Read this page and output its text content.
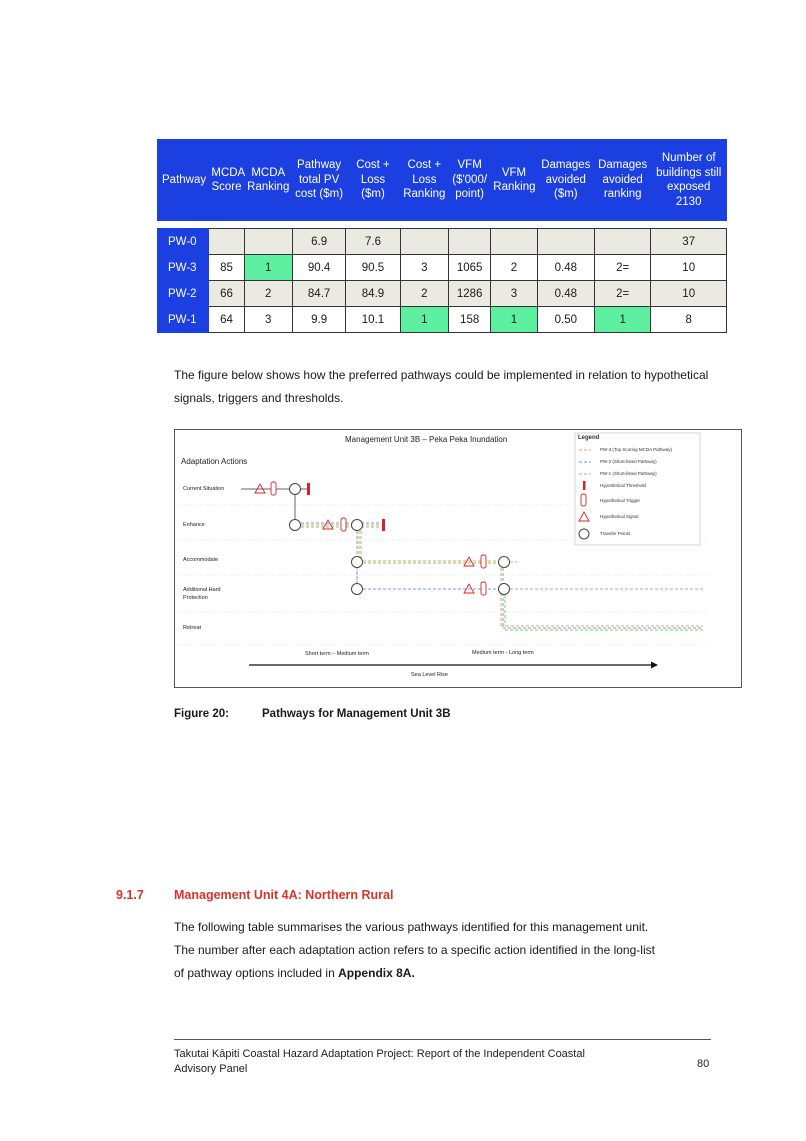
Pathway	MCDA Score	MCDA Ranking	Pathway total PV cost ($m)	Cost + Loss ($m)	Cost + Loss Ranking	VFM ($'000/ point)	VFM Ranking	Damages avoided ($m)	Damages avoided ranking	Number of buildings still exposed 2130

PW-0			6.9	7.6						37
PW-3	85	1	90.4	90.5	3	1065	2	0.48	2=	10
PW-2	66	2	84.7	84.9	2	1286	3	0.48	2=	10
PW-1	64	3	9.9	10.1	1	158	1	0.50	1	8

The figure below shows how the preferred pathways could be implemented in relation to hypothetical signals, triggers and thresholds.

Management Unit 3B – Peka Peka Inundation
Adaptation Actions
Current Situation
Enhance
Accommodate
Additional Hard
Protection
Retreat
Short term – Medium term	Medium term - Long term
Sea Level Rise
Legend
PW-3 (Top Scoring MCDA Pathway)
PW-2 (Short-listed Pathway)
PW-1 (Short-listed Pathway)
Hypothetical Threshold
Hypothetical Trigger
Hypothetical Signal
Transfer Points
Figure 20:	Pathways for Management Unit 3B
9.1.7 Management Unit 4A: Northern Rural

The following table summarises the various pathways identified for this management unit.
The number after each adaptation action refers to a specific action identified in the long-list
of pathway options included in Appendix 8A.

Takutai Kāpiti Coastal Hazard Adaptation Project: Report of the Independent Coastal
Advisory Panel	80
